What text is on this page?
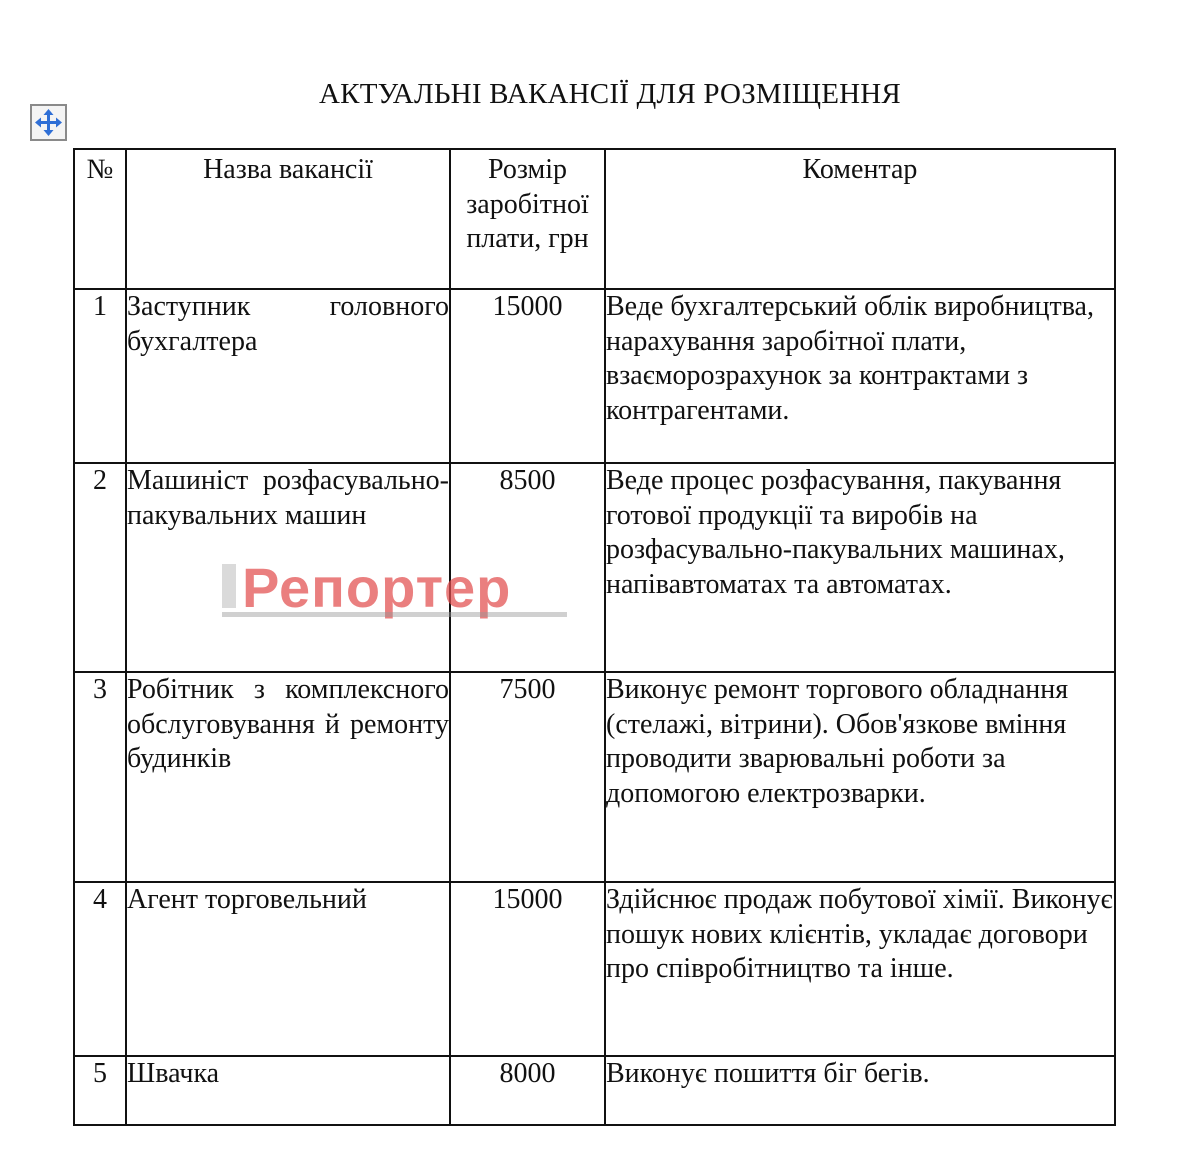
АКТУАЛЬНІ ВАКАНСІЇ ДЛЯ РОЗМІЩЕННЯ
№	Назва вакансії	Розмір заробітної плати, грн	Коментар
1	Заступник головного бухгалтера	15000	Веде бухгалтерський облік виробництва, нарахування заробітної плати, взаєморозрахунок за контрактами з контрагентами.
2	Машиніст розфасувально-пакувальних машин	8500	Веде процес розфасування, пакування готової продукції та виробів на розфасувально-пакувальних машинах, напівавтоматах та автоматах.
3	Робітник з комплексного обслуговування й ремонту будинків	7500	Виконує ремонт торгового обладнання (стелажі, вітрини). Обов'язкове вміння проводити зварювальні роботи за допомогою електрозварки.
4	Агент торговельний	15000	Здійснює продаж побутової хімії. Виконує пошук нових клієнтів, укладає договори про співробітництво та інше.
5	Швачка	8000	Виконує пошиття біг бегів.
Репортер
